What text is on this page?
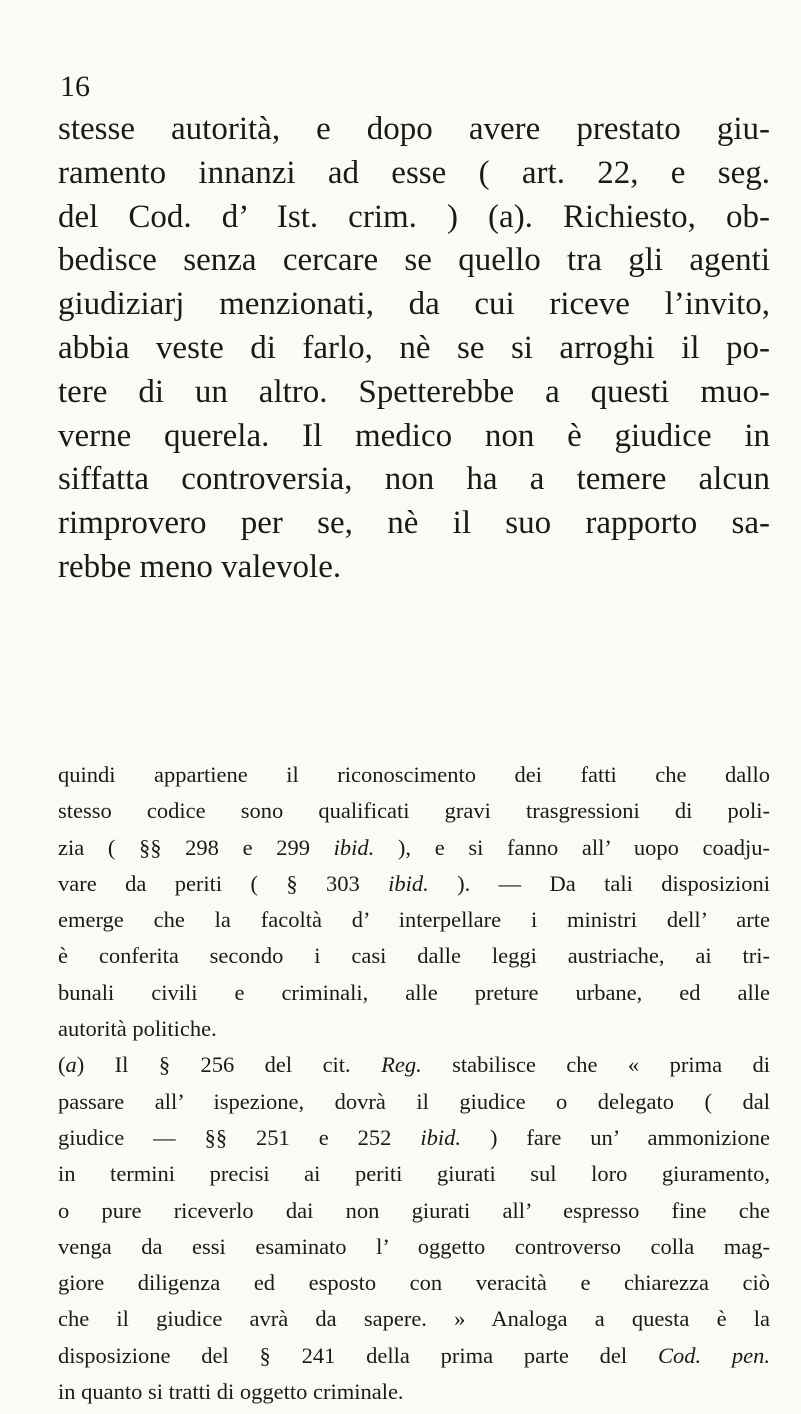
16
stesse autorità, e dopo avere prestato giu-
ramento innanzi ad esse ( art. 22, e seg.
del Cod. d’ Ist. crim. ) (a). Richiesto, ob-
bedisce senza cercare se quello tra gli agenti
giudiziarj menzionati, da cui riceve l’invito,
abbia veste di farlo, nè se si arroghi il po-
tere di un altro. Spetterebbe a questi muo-
verne querela. Il medico non è giudice in
siffatta controversia, non ha a temere alcun
rimprovero per se, nè il suo rapporto sa-
rebbe meno valevole.
quindi appartiene il riconoscimento dei fatti che dallo
stesso codice sono qualificati gravi trasgressioni di poli-
zia ( §§ 298 e 299 ibid. ), e si fanno all’ uopo coadju-
vare da periti ( § 303 ibid. ). — Da tali disposizioni
emerge che la facoltà d’ interpellare i ministri dell’ arte
è conferita secondo i casi dalle leggi austriache, ai tri-
bunali civili e criminali, alle preture urbane, ed alle
autorità politiche.
(a) Il § 256 del cit. Reg. stabilisce che « prima di
passare all’ ispezione, dovrà il giudice o delegato ( dal
giudice — §§ 251 e 252 ibid. ) fare un’ ammonizione
in termini precisi ai periti giurati sul loro giuramento,
o pure riceverlo dai non giurati all’ espresso fine che
venga da essi esaminato l’ oggetto controverso colla mag-
giore diligenza ed esposto con veracità e chiarezza ciò
che il giudice avrà da sapere. » Analoga a questa è la
disposizione del § 241 della prima parte del Cod. pen.
in quanto si tratti di oggetto criminale.
